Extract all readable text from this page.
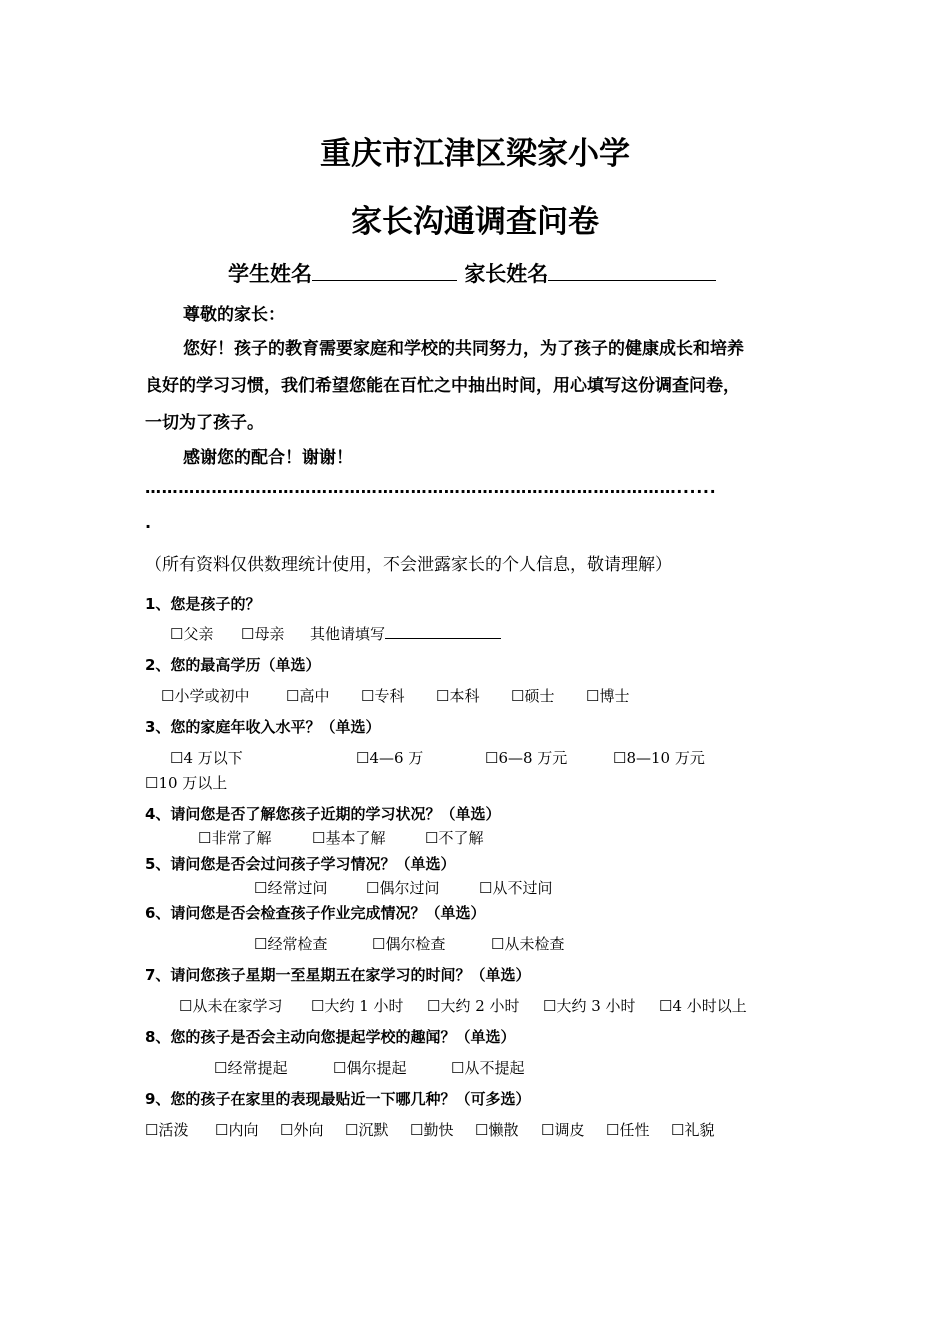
重庆市江津区梁家小学
家长沟通调查问卷
学生姓名	家长姓名
尊敬的家长：
您好！孩子的教育需要家庭和学校的共同努力，为了孩子的健康成长和培养
良好的学习习惯，我们希望您能在百忙之中抽出时间，用心填写这份调查问卷，
一切为了孩子。
感谢您的配合！谢谢！
……………………………………………………………………………………......
.
（所有资料仅供数理统计使用，不会泄露家长的个人信息，敬请理解）
1、您是孩子的？
☐父亲 ☐母亲 其他请填写
2、您的最高学历（单选）
☐小学或初中 ☐高中 ☐专科 ☐本科 ☐硕士 ☐博士
3、您的家庭年收入水平？（单选）
☐4 万以下	☐4—6 万	☐6—8 万元	☐8—10 万元
☐10 万以上
4、请问您是否了解您孩子近期的学习状况？（单选）
☐非常了解	☐基本了解	☐不了解
5、请问您是否会过问孩子学习情况？（单选）
☐经常过问	☐偶尔过问	☐从不过问
6、请问您是否会检查孩子作业完成情况？（单选）
☐经常检查	☐偶尔检查	☐从未检查
7、请问您孩子星期一至星期五在家学习的时间？（单选）
☐从未在家学习 ☐大约 1 小时 ☐大约 2 小时 ☐大约 3 小时 ☐4 小时以上
8、您的孩子是否会主动向您提起学校的趣闻？（单选）
☐经常提起	☐偶尔提起	☐从不提起
9、您的孩子在家里的表现最贴近一下哪几种？（可多选）
☐活泼 ☐内向 ☐外向 ☐沉默 ☐勤快 ☐懒散 ☐调皮 ☐任性 ☐礼貌
